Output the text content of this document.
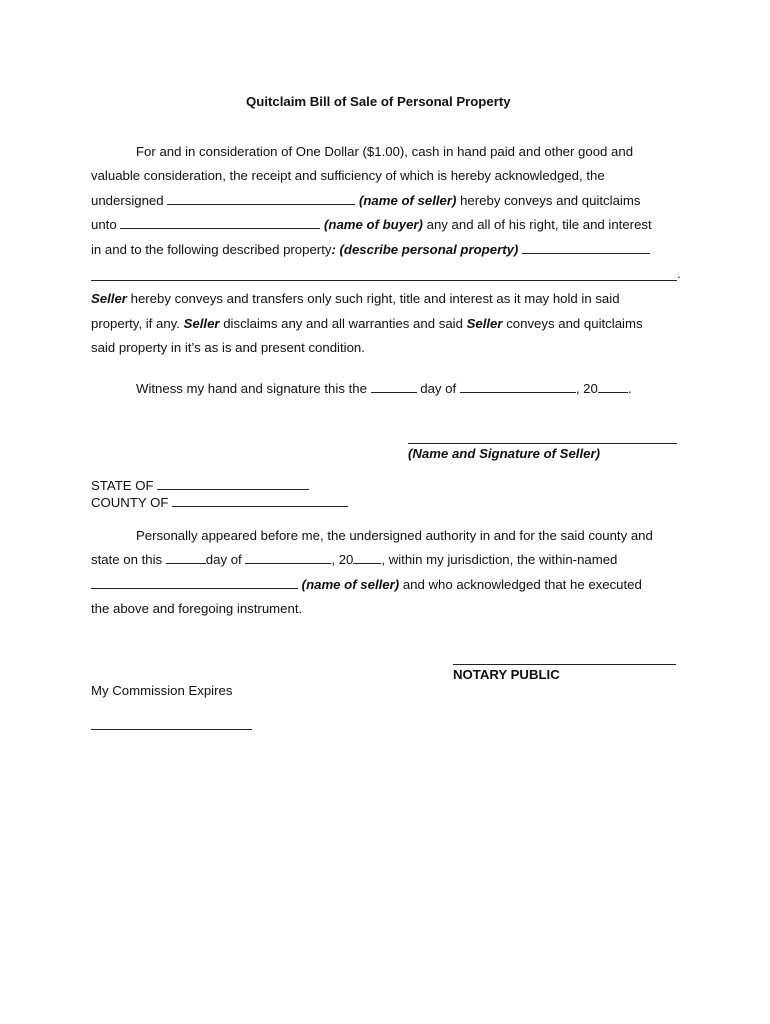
Quitclaim Bill of Sale of Personal Property
For and in consideration of One Dollar ($1.00), cash in hand paid and other good and
valuable consideration, the receipt and sufficiency of which is hereby acknowledged, the
undersigned	(name of seller) hereby conveys and quitclaims
unto	(name of buyer) any and all of his right, tile and interest
in and to the following described property: (describe personal property)
.
Seller hereby conveys and transfers only such right, title and interest as it may hold in said
property, if any. Seller disclaims any and all warranties and said Seller conveys and quitclaims
said property in it’s as is and present condition.
Witness my hand and signature this the	day of	, 20 .
(Name and Signature of Seller)
STATE OF
COUNTY OF
Personally appeared before me, the undersigned authority in and for the said county and
state on this	day of	, 20 , within my jurisdiction, the within-named
(name of seller) and who acknowledged that he executed
the above and foregoing instrument.
NOTARY PUBLIC
My Commission Expires
